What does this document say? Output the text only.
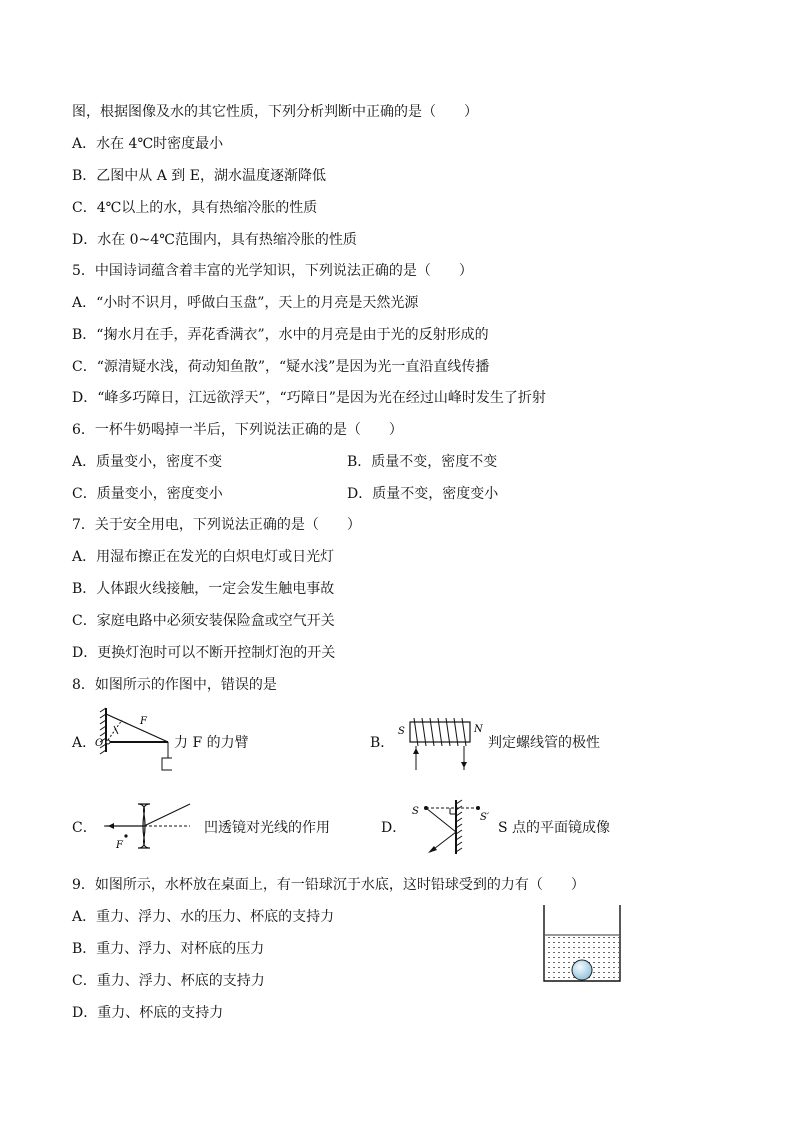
图，根据图像及水的其它性质，下列分析判断中正确的是（　　）
A．水在 4℃时密度最小
B．乙图中从 A 到 E，湖水温度逐渐降低
C．4℃以上的水，具有热缩冷胀的性质
D．水在 0~4℃范围内，具有热缩冷胀的性质
5．中国诗词蕴含着丰富的光学知识，下列说法正确的是（　　）
A．“小时不识月，呼做白玉盘”，天上的月亮是天然光源
B．“掬水月在手，弄花香满衣”，水中的月亮是由于光的反射形成的
C．“源清疑水浅，荷动知鱼散”，“疑水浅”是因为光一直沿直线传播
D．“峰多巧障日，江远欲浮天”，“巧障日”是因为光在经过山峰时发生了折射
6．一杯牛奶喝掉一半后，下列说法正确的是（　　）
A．质量变小，密度不变	B．质量不变，密度不变
C．质量变小，密度变小	D．质量不变，密度变小
7．关于安全用电，下列说法正确的是（　　）
A．用湿布擦正在发光的白炽电灯或日光灯
B．人体跟火线接触，一定会发生触电事故
C．家庭电路中必须安装保险盒或空气开关
D．更换灯泡时可以不断开控制灯泡的开关
8．如图所示的作图中，错误的是
A．
F
O	力 F 的力臂	B．
S	N
判定螺线管的极性
C．
F
凹透镜对光线的作用	D．
S
S′
S 点的平面镜成像
9．如图所示，水杯放在桌面上，有一铅球沉于水底，这时铅球受到的力有（　　）
A．重力、浮力、水的压力、杯底的支持力
B．重力、浮力、对杯底的压力
C．重力、浮力、杯底的支持力
D．重力、杯底的支持力
